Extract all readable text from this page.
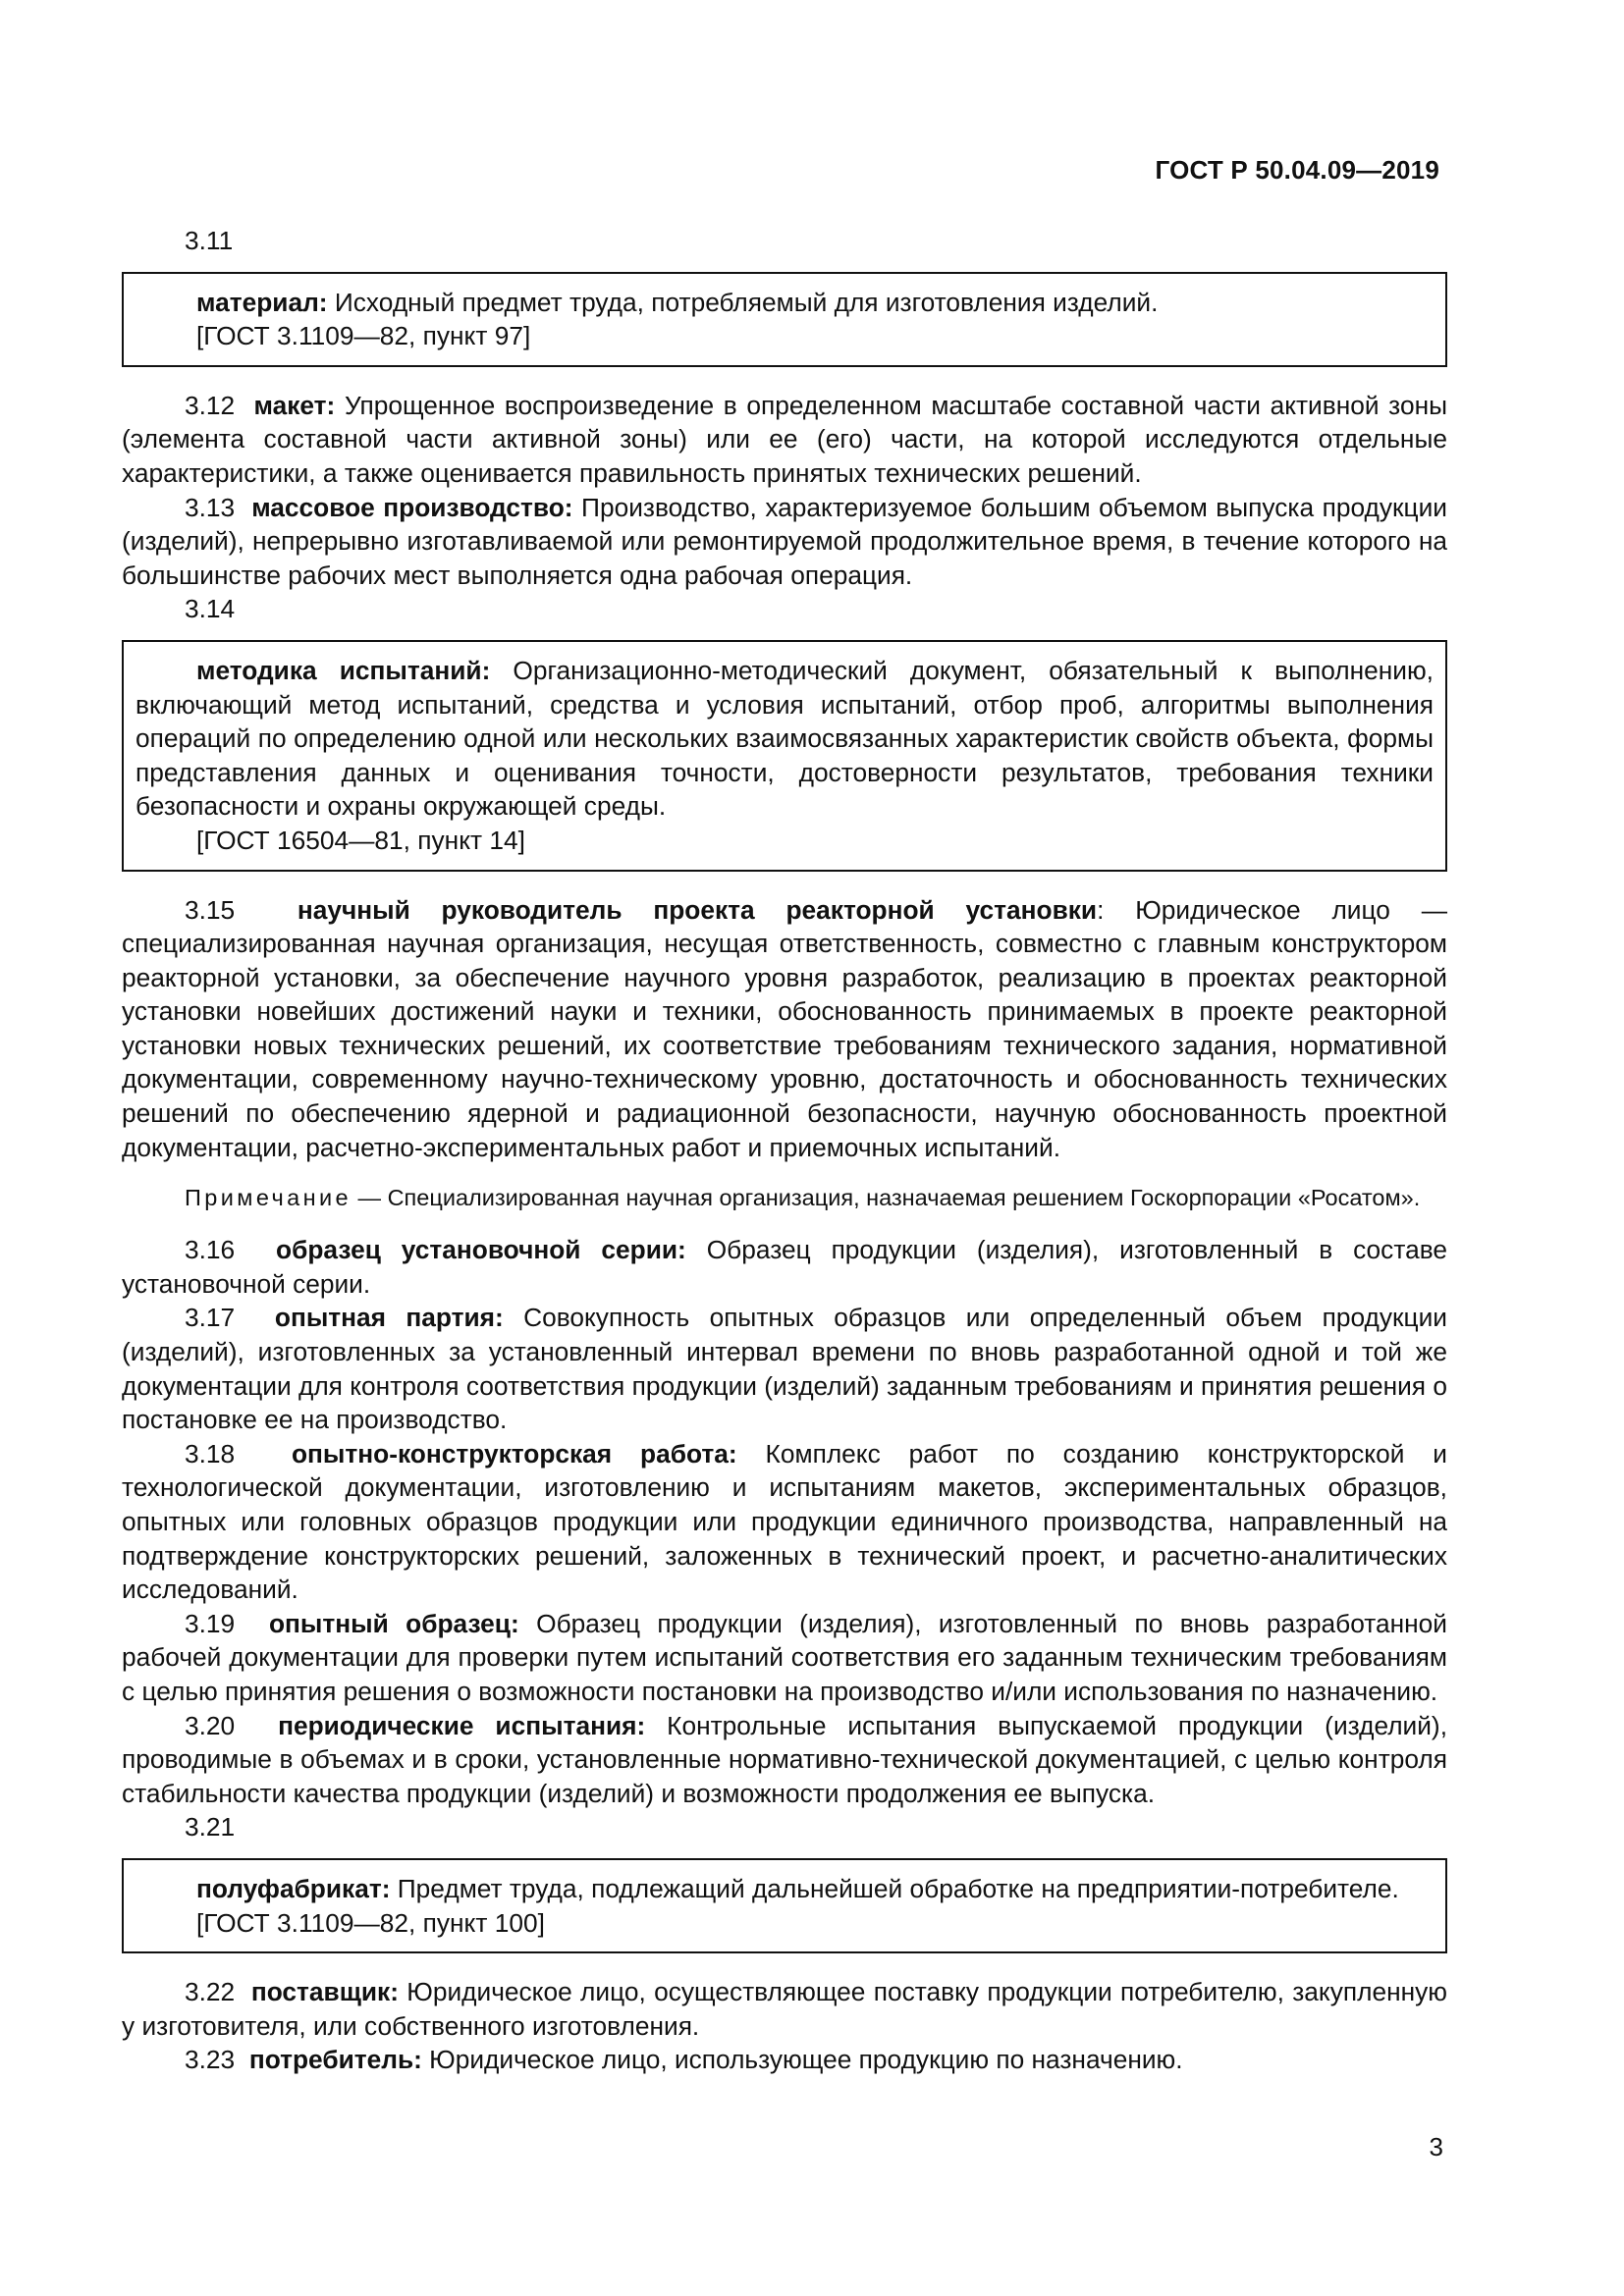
ГОСТ Р 50.04.09—2019

3.11

материал: Исходный предмет труда, потребляемый для изготовления изделий.

[ГОСТ 3.1109—82, пункт 97]

3.12 макет: Упрощенное воспроизведение в определенном масштабе составной части активной зоны (элемента составной части активной зоны) или ее (его) части, на которой исследуются отдельные характеристики, а также оценивается правильность принятых технических решений.

3.13 массовое производство: Производство, характеризуемое большим объемом выпуска продукции (изделий), непрерывно изготавливаемой или ремонтируемой продолжительное время, в течение которого на большинстве рабочих мест выполняется одна рабочая операция.

3.14

методика испытаний: Организационно-методический документ, обязательный к выполнению, включающий метод испытаний, средства и условия испытаний, отбор проб, алгоритмы выполнения операций по определению одной или нескольких взаимосвязанных характеристик свойств объекта, формы представления данных и оценивания точности, достоверности результатов, требования техники безопасности и охраны окружающей среды.

[ГОСТ 16504—81, пункт 14]

3.15 научный руководитель проекта реакторной установки: Юридическое лицо — специализированная научная организация, несущая ответственность, совместно с главным конструктором реакторной установки, за обеспечение научного уровня разработок, реализацию в проектах реакторной установки новейших достижений науки и техники, обоснованность принимаемых в проекте реакторной установки новых технических решений, их соответствие требованиям технического задания, нормативной документации, современному научно-техническому уровню, достаточность и обоснованность технических решений по обеспечению ядерной и радиационной безопасности, научную обоснованность проектной документации, расчетно-экспериментальных работ и приемочных испытаний.

Примечание — Специализированная научная организация, назначаемая решением Госкорпорации «Росатом».

3.16 образец установочной серии: Образец продукции (изделия), изготовленный в составе установочной серии.

3.17 опытная партия: Совокупность опытных образцов или определенный объем продукции (изделий), изготовленных за установленный интервал времени по вновь разработанной одной и той же документации для контроля соответствия продукции (изделий) заданным требованиям и принятия решения о постановке ее на производство.

3.18 опытно-конструкторская работа: Комплекс работ по созданию конструкторской и технологической документации, изготовлению и испытаниям макетов, экспериментальных образцов, опытных или головных образцов продукции или продукции единичного производства, направленный на подтверждение конструкторских решений, заложенных в технический проект, и расчетно-аналитических исследований.

3.19 опытный образец: Образец продукции (изделия), изготовленный по вновь разработанной рабочей документации для проверки путем испытаний соответствия его заданным техническим требованиям с целью принятия решения о возможности постановки на производство и/или использования по назначению.

3.20 периодические испытания: Контрольные испытания выпускаемой продукции (изделий), проводимые в объемах и в сроки, установленные нормативно-технической документацией, с целью контроля стабильности качества продукции (изделий) и возможности продолжения ее выпуска.

3.21

полуфабрикат: Предмет труда, подлежащий дальнейшей обработке на предприятии-потребителе.

[ГОСТ 3.1109—82, пункт 100]

3.22 поставщик: Юридическое лицо, осуществляющее поставку продукции потребителю, закупленную у изготовителя, или собственного изготовления.

3.23 потребитель: Юридическое лицо, использующее продукцию по назначению.

3
